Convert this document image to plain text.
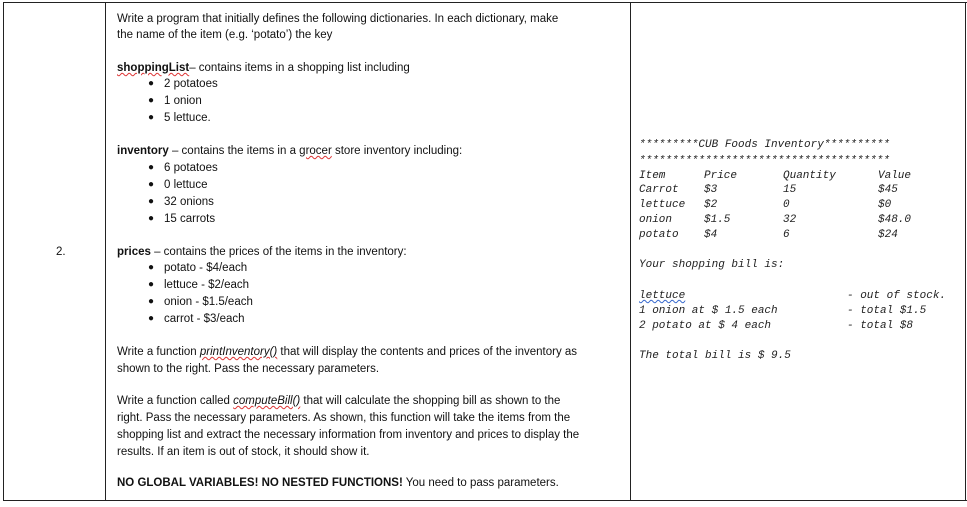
2.
Write a program that initially defines the following dictionaries. In each dictionary, make
the name of the item (e.g. ‘potato’) the key
shoppingList– contains items in a shopping list including
● 2 potatoes
● 1 onion
● 5 lettuce.
inventory – contains the items in a grocer store inventory including:
● 6 potatoes
● 0 lettuce
● 32 onions
● 15 carrots
prices – contains the prices of the items in the inventory:
● potato - $4/each
● lettuce - $2/each
● onion - $1.5/each
● carrot - $3/each
Write a function printInventory() that will display the contents and prices of the inventory as
shown to the right. Pass the necessary parameters.
Write a function called computeBill() that will calculate the shopping bill as shown to the
right. Pass the necessary parameters. As shown, this function will take the items from the
shopping list and extract the necessary information from inventory and prices to display the
results. If an item is out of stock, it should show it.
NO GLOBAL VARIABLES! NO NESTED FUNCTIONS! You need to pass parameters.
*********CUB Foods Inventory**********
**************************************
Item	Price	Quantity	Value
Carrot $3	15	$45
lettuce $2	0	$0
onion	$1.5	32	$48.0
potato $4	6	$24
Your shopping bill is:
lettuce	- out of stock.
1 onion at $ 1.5 each	- total $1.5
2 potato at $ 4 each	- total $8
The total bill is $ 9.5
